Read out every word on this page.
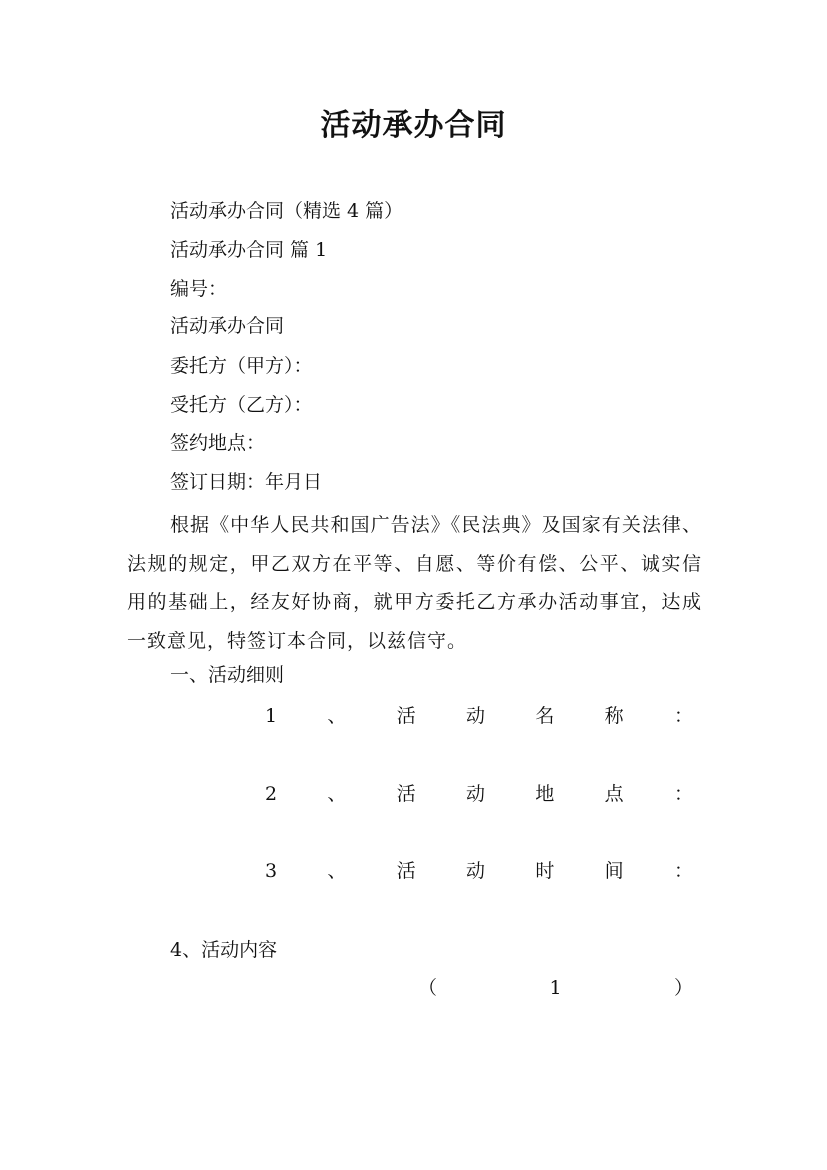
活动承办合同
活动承办合同（精选 4 篇）
活动承办合同 篇 1
编号：
活动承办合同
委托方（甲方）：
受托方（乙方）：
签约地点：
签订日期：年月日
根据《中华人民共和国广告法》《民法典》及国家有关法律、法规的规定，甲乙双方在平等、自愿、等价有偿、公平、诚实信用的基础上，经友好协商，就甲方委托乙方承办活动事宜，达成一致意见，特签订本合同，以兹信守。
一、活动细则
1	、	活	动	名	称	：
2	、	活	动	地	点	：
3	、	活	动	时	间	：
4、活动内容
（	1	）
